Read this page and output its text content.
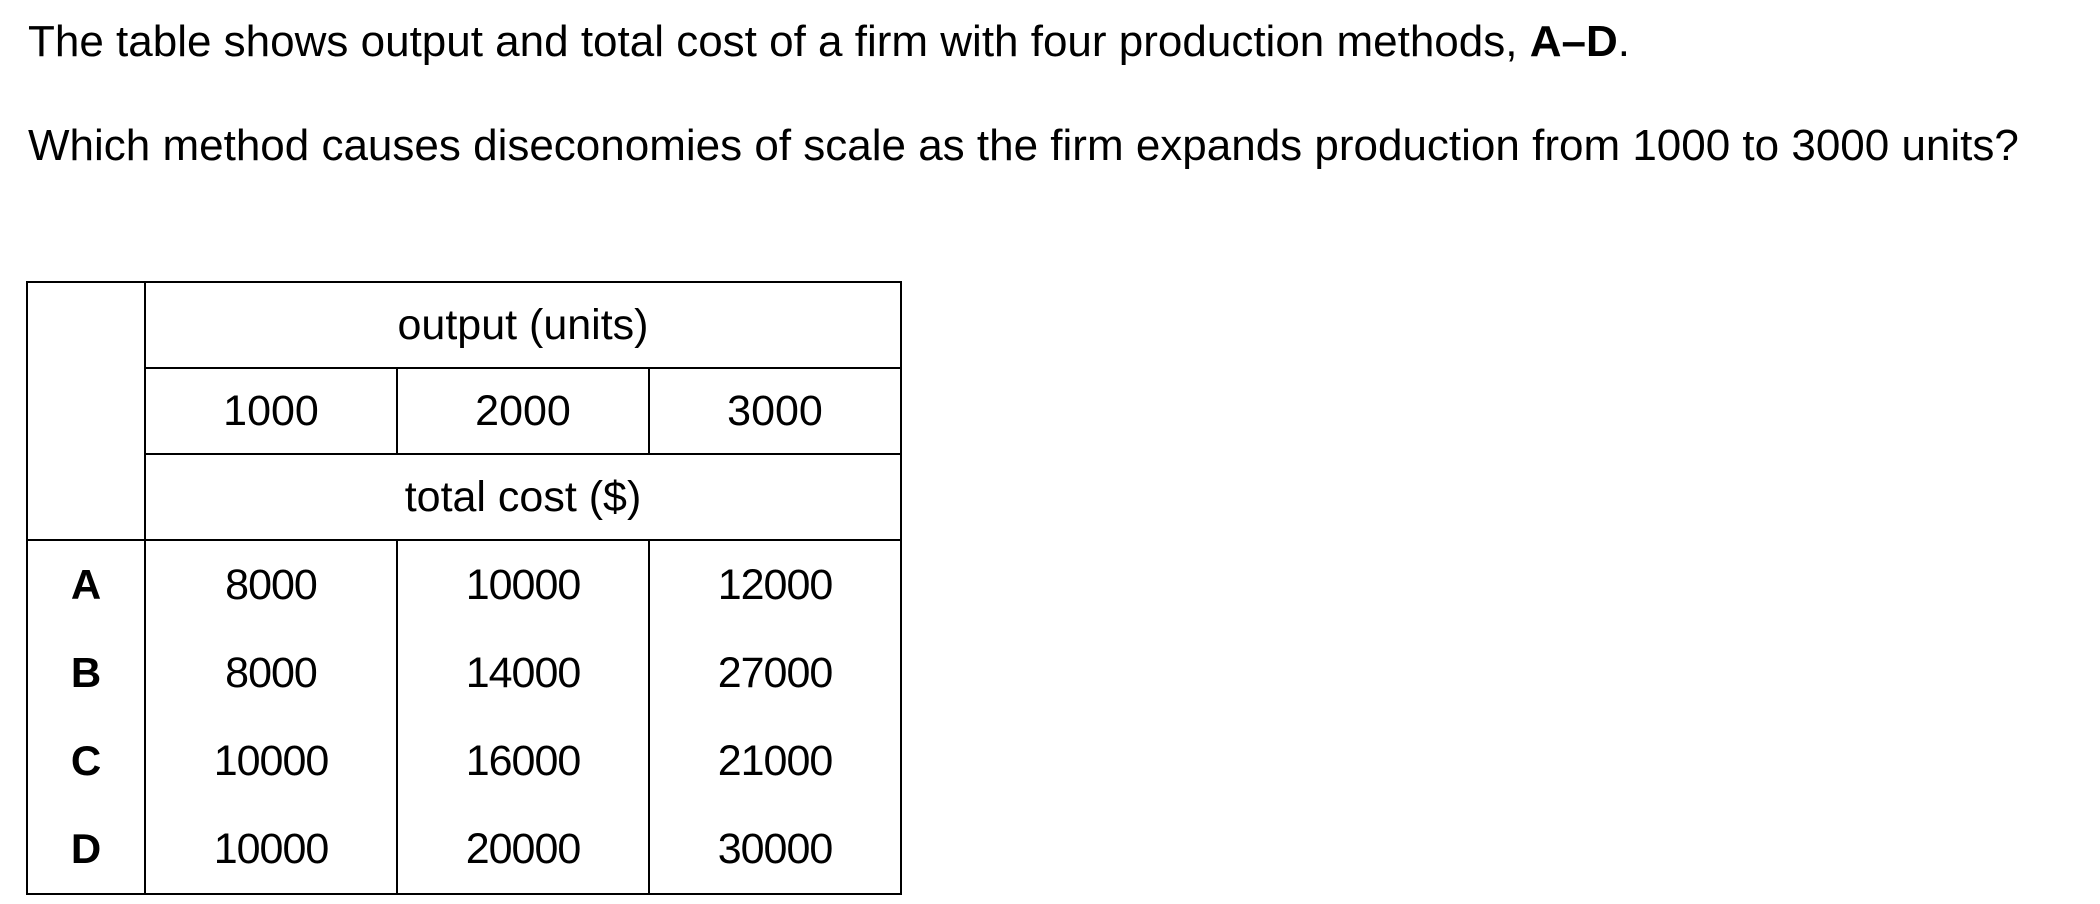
The table shows output and total cost of a firm with four production methods, A–D.

Which method causes diseconomies of scale as the firm expands production from 1000 to 3000 units?

	output (units)		
	1000	2000	3000
	total cost ($)		
A	8000	10000	12000
B	8000	14000	27000
C	10000	16000	21000
D	10000	20000	30000
